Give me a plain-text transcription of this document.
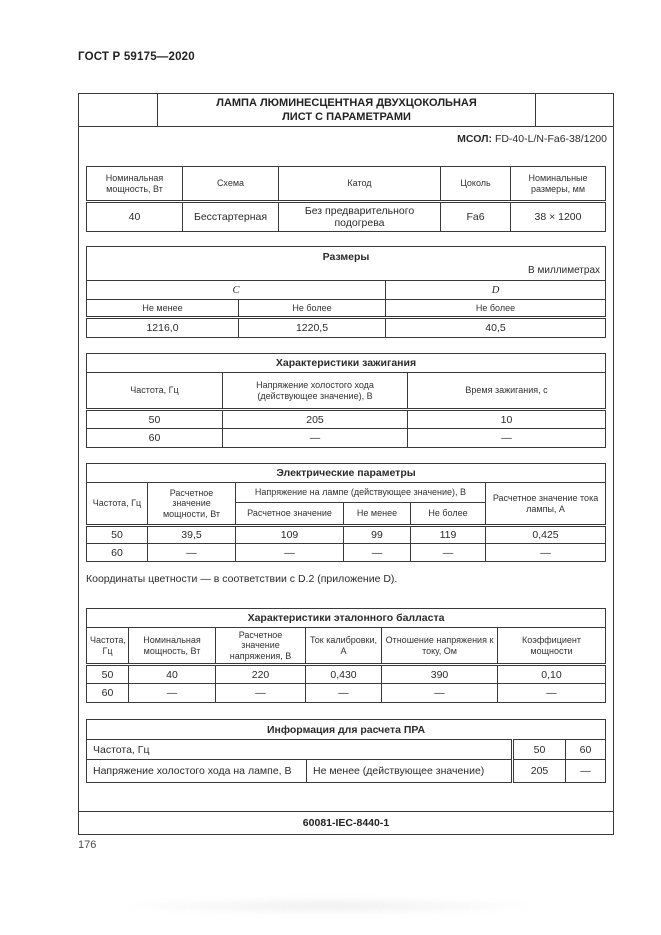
ГОСТ Р 59175—2020
ЛАМПА ЛЮМИНЕСЦЕНТНАЯ ДВУХЦОКОЛЬНАЯ
ЛИСТ С ПАРАМЕТРАМИ
МСОЛ: FD-40-L/N-Fa6-38/1200
Номинальная мощность, Вт	Схема	Катод	Цоколь	Номинальные размеры, мм
40	Бесстартерная	Без предварительного подогрева	Fa6	38 × 1200
Размеры
В миллиметрах		

C		D
Не менее	Не более	Не более
1216,0	1220,5	40,5
Характеристики зажигания		
Частота, Гц	Напряжение холостого хода (действующее значение), В	Время зажигания, с
50	205	10
60	—	—
Электрические параметры					
Частота, Гц	Расчетное значение мощности, Вт	Напряжение на лампе (действующее значение), В			Расчетное значение тока лампы, А
		Расчетное значение	Не менее	Не более	
50	39,5	109	99	119	0,425
60	—	—	—	—	—
Координаты цветности — в соответствии с D.2 (приложение D).
Характеристики эталонного балласта					
Частота, Гц	Номинальная мощность, Вт	Расчетное значение напряжения, В	Ток калибровки, А	Отношение напряжения к току, Ом	Коэффициент мощности
50	40	220	0,430	390	0,10
60	—	—	—	—	—
Информация для расчета ПРА			
Частота, Гц		50	60
Напряжение холостого хода на лампе, В	Не менее (действующее значение)	205	—
60081-IEC-8440-1
176
